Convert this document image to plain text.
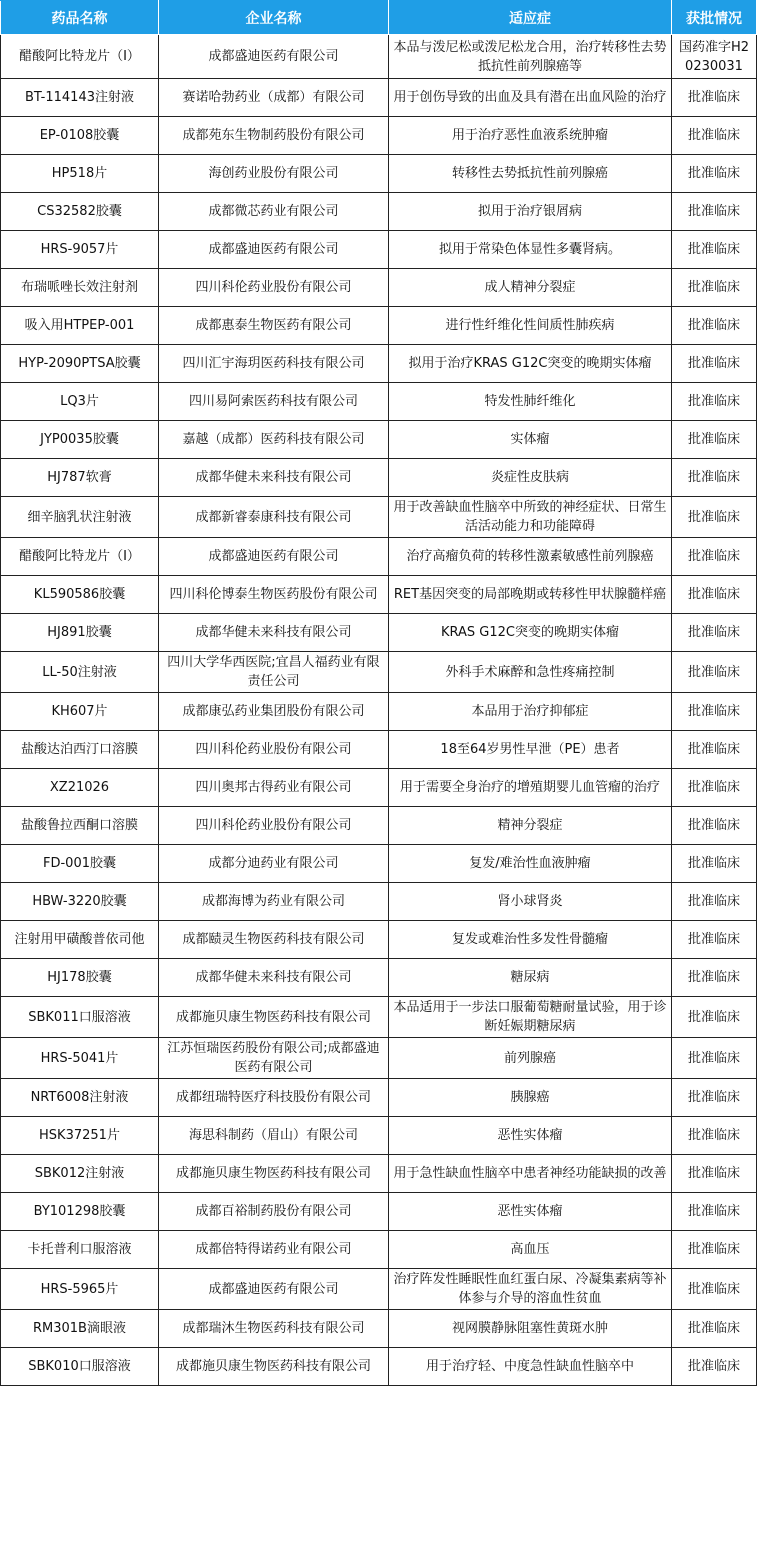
药品名称	企业名称	适应症	获批情况
醋酸阿比特龙片（Ⅰ）	成都盛迪医药有限公司	本品与泼尼松或泼尼松龙合用，治疗转移性去势抵抗性前列腺癌等	国药准字H20230031
BT-114143注射液	赛诺哈勃药业（成都）有限公司	用于创伤导致的出血及具有潜在出血风险的治疗	批准临床
EP-0108胶囊	成都苑东生物制药股份有限公司	用于治疗恶性血液系统肿瘤	批准临床
HP518片	海创药业股份有限公司	转移性去势抵抗性前列腺癌	批准临床
CS32582胶囊	成都微芯药业有限公司	拟用于治疗银屑病	批准临床
HRS-9057片	成都盛迪医药有限公司	拟用于常染色体显性多囊肾病。	批准临床
布瑞哌唑长效注射剂	四川科伦药业股份有限公司	成人精神分裂症	批准临床
吸入用HTPEP-001	成都惠泰生物医药有限公司	进行性纤维化性间质性肺疾病	批准临床
HYP-2090PTSA胶囊	四川汇宇海玥医药科技有限公司	拟用于治疗KRAS G12C突变的晚期实体瘤	批准临床
LQ3片	四川易阿索医药科技有限公司	特发性肺纤维化	批准临床
JYP0035胶囊	嘉越（成都）医药科技有限公司	实体瘤	批准临床
HJ787软膏	成都华健未来科技有限公司	炎症性皮肤病	批准临床
细辛脑乳状注射液	成都新睿泰康科技有限公司	用于改善缺血性脑卒中所致的神经症状、日常生活活动能力和功能障碍	批准临床
醋酸阿比特龙片（Ⅰ）	成都盛迪医药有限公司	治疗高瘤负荷的转移性激素敏感性前列腺癌	批准临床
KL590586胶囊	四川科伦博泰生物医药股份有限公司	RET基因突变的局部晚期或转移性甲状腺髓样癌	批准临床
HJ891胶囊	成都华健未来科技有限公司	KRAS G12C突变的晚期实体瘤	批准临床
LL-50注射液	四川大学华西医院;宜昌人福药业有限责任公司	外科手术麻醉和急性疼痛控制	批准临床
KH607片	成都康弘药业集团股份有限公司	本品用于治疗抑郁症	批准临床
盐酸达泊西汀口溶膜	四川科伦药业股份有限公司	18至64岁男性早泄（PE）患者	批准临床
XZ21026	四川奥邦古得药业有限公司	用于需要全身治疗的增殖期婴儿血管瘤的治疗	批准临床
盐酸鲁拉西酮口溶膜	四川科伦药业股份有限公司	精神分裂症	批准临床
FD-001胶囊	成都分迪药业有限公司	复发/难治性血液肿瘤	批准临床
HBW-3220胶囊	成都海博为药业有限公司	肾小球肾炎	批准临床
注射用甲磺酸普依司他	成都赜灵生物医药科技有限公司	复发或难治性多发性骨髓瘤	批准临床
HJ178胶囊	成都华健未来科技有限公司	糖尿病	批准临床
SBK011口服溶液	成都施贝康生物医药科技有限公司	本品适用于一步法口服葡萄糖耐量试验，用于诊断妊娠期糖尿病	批准临床
HRS-5041片	江苏恒瑞医药股份有限公司;成都盛迪医药有限公司	前列腺癌	批准临床
NRT6008注射液	成都纽瑞特医疗科技股份有限公司	胰腺癌	批准临床
HSK37251片	海思科制药（眉山）有限公司	恶性实体瘤	批准临床
SBK012注射液	成都施贝康生物医药科技有限公司	用于急性缺血性脑卒中患者神经功能缺损的改善	批准临床
BY101298胶囊	成都百裕制药股份有限公司	恶性实体瘤	批准临床
卡托普利口服溶液	成都倍特得诺药业有限公司	高血压	批准临床
HRS-5965片	成都盛迪医药有限公司	治疗阵发性睡眠性血红蛋白尿、冷凝集素病等补体参与介导的溶血性贫血	批准临床
RM301B滴眼液	成都瑞沐生物医药科技有限公司	视网膜静脉阻塞性黄斑水肿	批准临床
SBK010口服溶液	成都施贝康生物医药科技有限公司	用于治疗轻、中度急性缺血性脑卒中	批准临床
